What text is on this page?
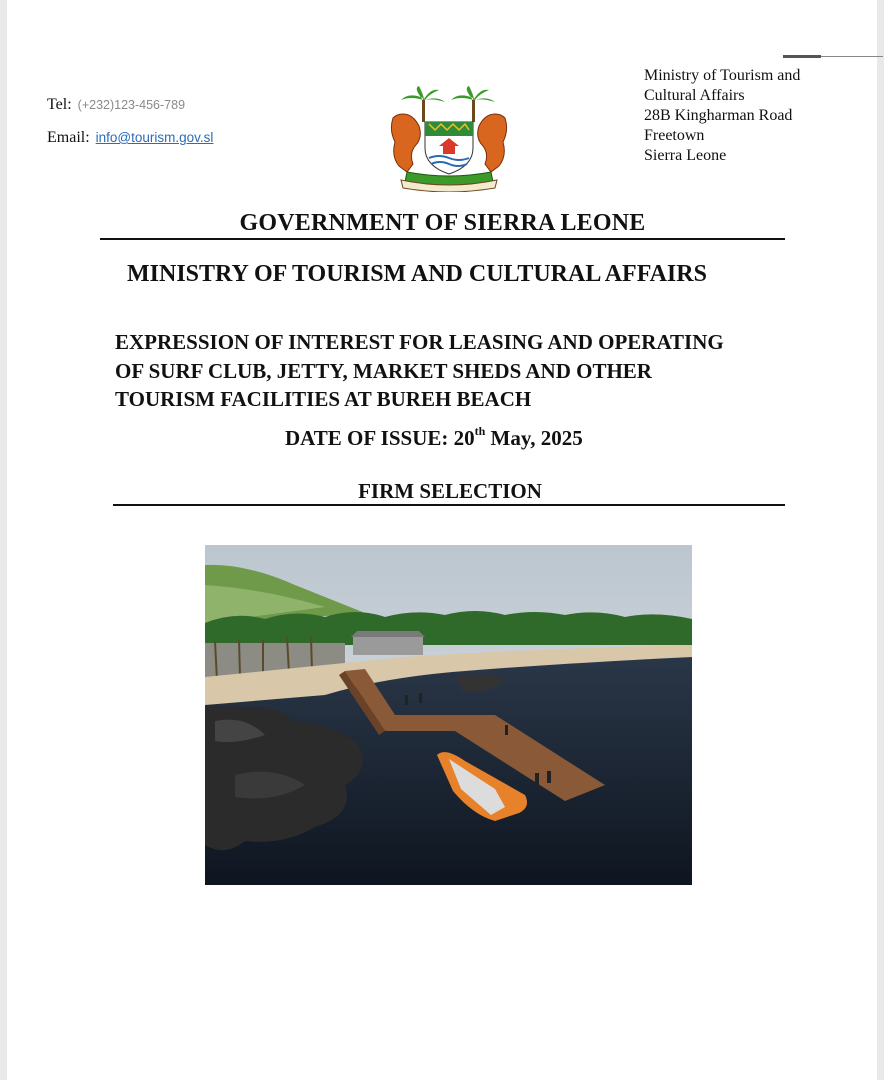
Tel: (+232)123-456-789
Email: info@tourism.gov.sl
Ministry of Tourism and
Cultural Affairs
28B Kingharman Road
Freetown
Sierra Leone
GOVERNMENT OF SIERRA LEONE
MINISTRY OF TOURISM AND CULTURAL AFFAIRS
EXPRESSION OF INTEREST FOR LEASING AND OPERATING
OF SURF CLUB, JETTY, MARKET SHEDS AND OTHER
TOURISM FACILITIES AT BUREH BEACH
DATE OF ISSUE: 20th May, 2025
FIRM SELECTION
